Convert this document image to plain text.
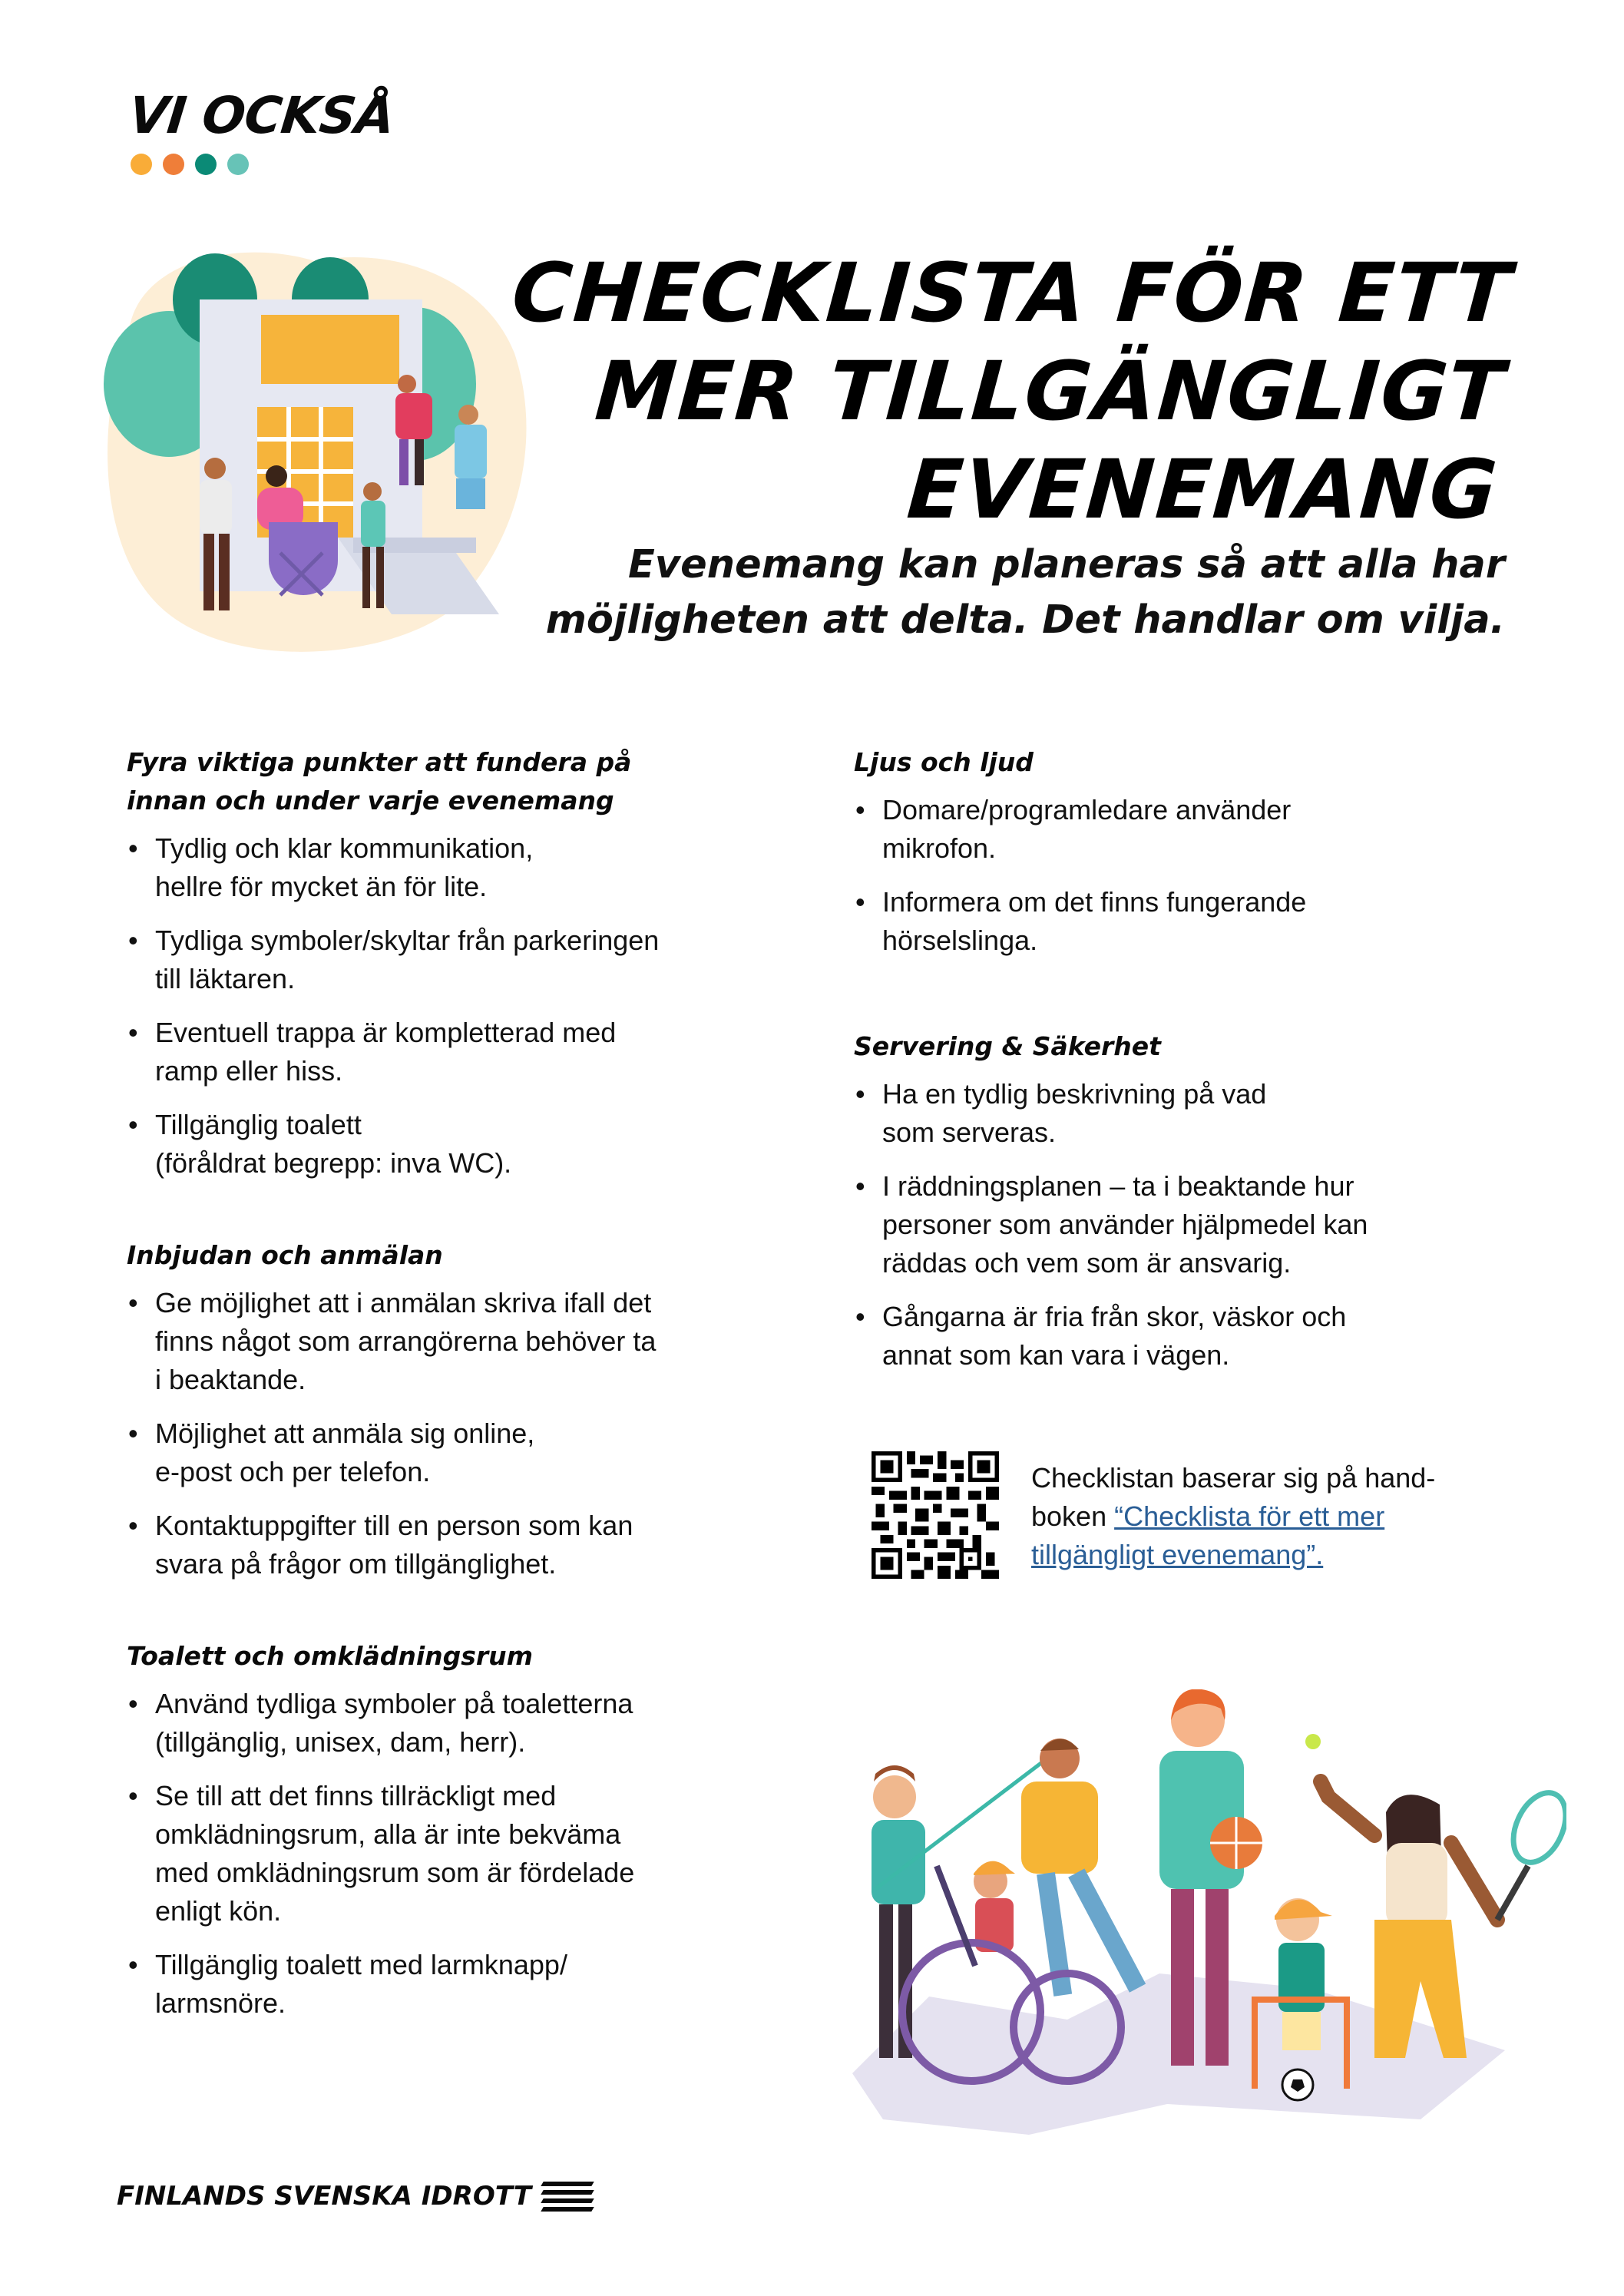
VI OCKSÅ
CHECKLISTA FÖR ETT
MER TILLGÄNGLIGT
EVENEMANG
Evenemang kan planeras så att alla har
möjligheten att delta. Det handlar om vilja.
Fyra viktiga punkter att fundera på
innan och under varje evenemang
• Tydlig och klar kommunikation,
hellre för mycket än för lite.
• Tydliga symboler/skyltar från parkeringen
till läktaren.
• Eventuell trappa är kompletterad med
ramp eller hiss.
• Tillgänglig toalett
(föråldrat begrepp: inva WC).
Inbjudan och anmälan
• Ge möjlighet att i anmälan skriva ifall det
finns något som arrangörerna behöver ta
i beaktande.
• Möjlighet att anmäla sig online,
e-post och per telefon.
• Kontaktuppgifter till en person som kan
svara på frågor om tillgänglighet.
Toalett och omklädningsrum
• Använd tydliga symboler på toaletterna
(tillgänglig, unisex, dam, herr).
• Se till att det finns tillräckligt med
omklädningsrum, alla är inte bekväma
med omklädningsrum som är fördelade
enligt kön.
• Tillgänglig toalett med larmknapp/
larmsnöre.
Ljus och ljud
• Domare/programledare använder
mikrofon.
• Informera om det finns fungerande
hörselslinga.
Servering & Säkerhet
• Ha en tydlig beskrivning på vad
som serveras.
• I räddningsplanen – ta i beaktande hur
personer som använder hjälpmedel kan
räddas och vem som är ansvarig.
• Gångarna är fria från skor, väskor och
annat som kan vara i vägen.
Checklistan baserar sig på hand-
boken “Checklista för ett mer
tillgängligt evenemang”.
FINLANDS SVENSKA IDROTT
